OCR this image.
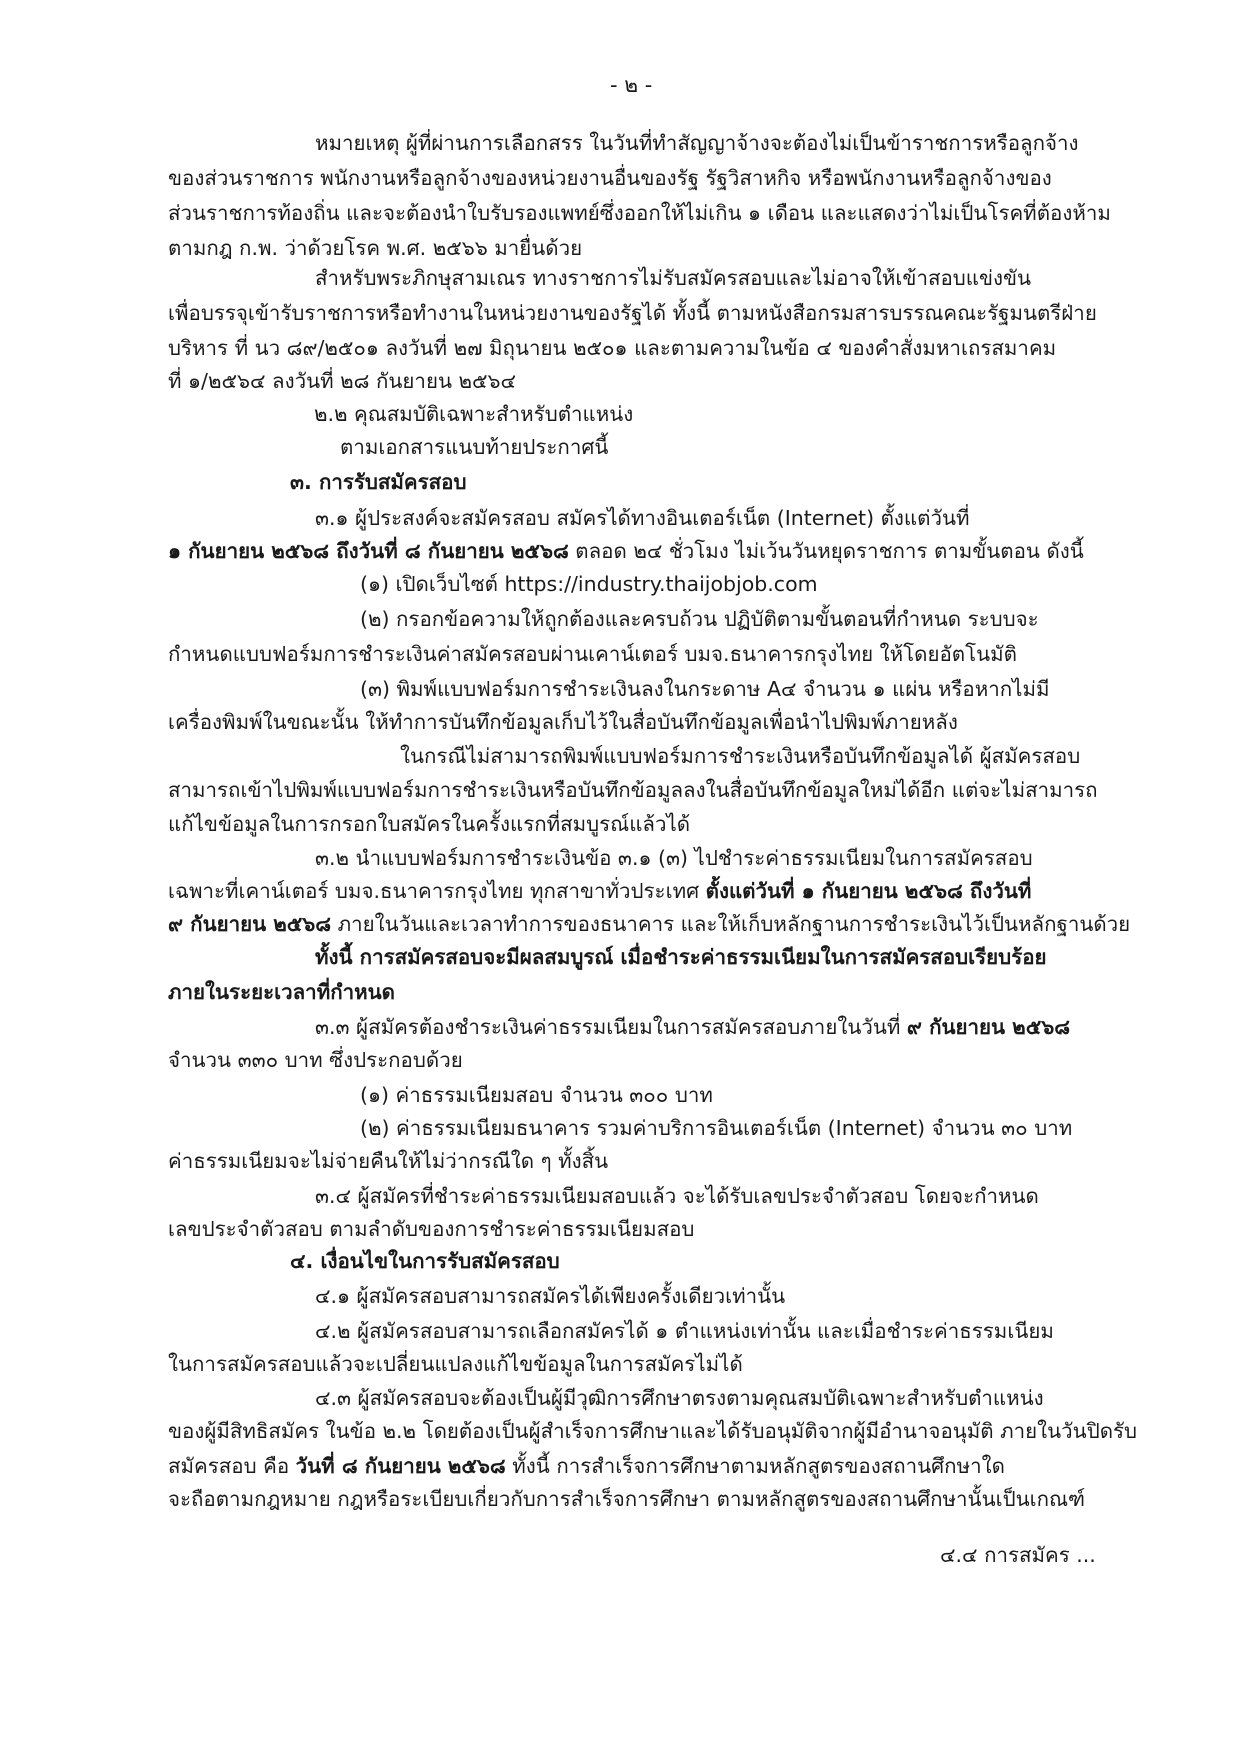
- ๒ -
หมายเหตุ ผู้ที่ผ่านการเลือกสรร ในวันที่ทำสัญญาจ้างจะต้องไม่เป็นข้าราชการหรือลูกจ้าง
ของส่วนราชการ พนักงานหรือลูกจ้างของหน่วยงานอื่นของรัฐ รัฐวิสาหกิจ หรือพนักงานหรือลูกจ้างของ
ส่วนราชการท้องถิ่น และจะต้องนำใบรับรองแพทย์ซึ่งออกให้ไม่เกิน ๑ เดือน และแสดงว่าไม่เป็นโรคที่ต้องห้าม
ตามกฎ ก.พ. ว่าด้วยโรค พ.ศ. ๒๕๖๖ มายื่นด้วย
สำหรับพระภิกษุสามเณร ทางราชการไม่รับสมัครสอบและไม่อาจให้เข้าสอบแข่งขัน
เพื่อบรรจุเข้ารับราชการหรือทำงานในหน่วยงานของรัฐได้ ทั้งนี้ ตามหนังสือกรมสารบรรณคณะรัฐมนตรีฝ่าย
บริหาร ที่ นว ๘๙/๒๕๐๑ ลงวันที่ ๒๗ มิถุนายน ๒๕๐๑ และตามความในข้อ ๔ ของคำสั่งมหาเถรสมาคม
ที่ ๑/๒๕๖๔ ลงวันที่ ๒๘ กันยายน ๒๕๖๔
๒.๒ คุณสมบัติเฉพาะสำหรับตำแหน่ง
ตามเอกสารแนบท้ายประกาศนี้
๓. การรับสมัครสอบ
๓.๑ ผู้ประสงค์จะสมัครสอบ สมัครได้ทางอินเตอร์เน็ต (Internet) ตั้งแต่วันที่
๑ กันยายน ๒๕๖๘ ถึงวันที่ ๘ กันยายน ๒๕๖๘ ตลอด ๒๔ ชั่วโมง ไม่เว้นวันหยุดราชการ ตามขั้นตอน ดังนี้
(๑) เปิดเว็บไซต์ https://industry.thaijobjob.com
(๒) กรอกข้อความให้ถูกต้องและครบถ้วน ปฏิบัติตามขั้นตอนที่กำหนด ระบบจะ
กำหนดแบบฟอร์มการชำระเงินค่าสมัครสอบผ่านเคาน์เตอร์ บมจ.ธนาคารกรุงไทย ให้โดยอัตโนมัติ
(๓) พิมพ์แบบฟอร์มการชำระเงินลงในกระดาษ A๔ จำนวน ๑ แผ่น หรือหากไม่มี
เครื่องพิมพ์ในขณะนั้น ให้ทำการบันทึกข้อมูลเก็บไว้ในสื่อบันทึกข้อมูลเพื่อนำไปพิมพ์ภายหลัง
ในกรณีไม่สามารถพิมพ์แบบฟอร์มการชำระเงินหรือบันทึกข้อมูลได้ ผู้สมัครสอบ
สามารถเข้าไปพิมพ์แบบฟอร์มการชำระเงินหรือบันทึกข้อมูลลงในสื่อบันทึกข้อมูลใหม่ได้อีก แต่จะไม่สามารถ
แก้ไขข้อมูลในการกรอกใบสมัครในครั้งแรกที่สมบูรณ์แล้วได้
๓.๒ นำแบบฟอร์มการชำระเงินข้อ ๓.๑ (๓) ไปชำระค่าธรรมเนียมในการสมัครสอบ
เฉพาะที่เคาน์เตอร์ บมจ.ธนาคารกรุงไทย ทุกสาขาทั่วประเทศ ตั้งแต่วันที่ ๑ กันยายน ๒๕๖๘ ถึงวันที่
๙ กันยายน ๒๕๖๘ ภายในวันและเวลาทำการของธนาคาร และให้เก็บหลักฐานการชำระเงินไว้เป็นหลักฐานด้วย
ทั้งนี้ การสมัครสอบจะมีผลสมบูรณ์ เมื่อชำระค่าธรรมเนียมในการสมัครสอบเรียบร้อย
ภายในระยะเวลาที่กำหนด
๓.๓ ผู้สมัครต้องชำระเงินค่าธรรมเนียมในการสมัครสอบภายในวันที่ ๙ กันยายน ๒๕๖๘
จำนวน ๓๓๐ บาท ซึ่งประกอบด้วย
(๑) ค่าธรรมเนียมสอบ จำนวน ๓๐๐ บาท
(๒) ค่าธรรมเนียมธนาคาร รวมค่าบริการอินเตอร์เน็ต (Internet) จำนวน ๓๐ บาท
ค่าธรรมเนียมจะไม่จ่ายคืนให้ไม่ว่ากรณีใด ๆ ทั้งสิ้น
๓.๔ ผู้สมัครที่ชำระค่าธรรมเนียมสอบแล้ว จะได้รับเลขประจำตัวสอบ โดยจะกำหนด
เลขประจำตัวสอบ ตามลำดับของการชำระค่าธรรมเนียมสอบ
๔. เงื่อนไขในการรับสมัครสอบ
๔.๑ ผู้สมัครสอบสามารถสมัครได้เพียงครั้งเดียวเท่านั้น
๔.๒ ผู้สมัครสอบสามารถเลือกสมัครได้ ๑ ตำแหน่งเท่านั้น และเมื่อชำระค่าธรรมเนียม
ในการสมัครสอบแล้วจะเปลี่ยนแปลงแก้ไขข้อมูลในการสมัครไม่ได้
๔.๓ ผู้สมัครสอบจะต้องเป็นผู้มีวุฒิการศึกษาตรงตามคุณสมบัติเฉพาะสำหรับตำแหน่ง
ของผู้มีสิทธิสมัคร ในข้อ ๒.๒ โดยต้องเป็นผู้สำเร็จการศึกษาและได้รับอนุมัติจากผู้มีอำนาจอนุมัติ ภายในวันปิดรับ
สมัครสอบ คือ วันที่ ๘ กันยายน ๒๕๖๘ ทั้งนี้ การสำเร็จการศึกษาตามหลักสูตรของสถานศึกษาใด
จะถือตามกฎหมาย กฎหรือระเบียบเกี่ยวกับการสำเร็จการศึกษา ตามหลักสูตรของสถานศึกษานั้นเป็นเกณฑ์
๔.๔ การสมัคร ...
